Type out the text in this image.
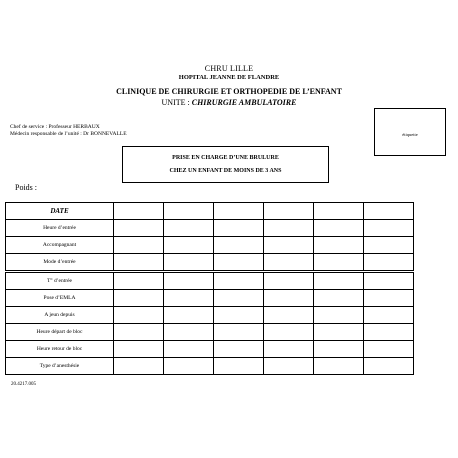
CHRU LILLE
HOPITAL JEANNE DE FLANDRE
CLINIQUE DE CHIRURGIE ET ORTHOPEDIE DE L’ENFANT
UNITE : CHIRURGIE AMBULATOIRE
Chef de service : Professeur HERBAUX
Médecin responsable de l’unité : Dr BONNEVALLE	étiquette
PRISE EN CHARGE D’UNE BRULURE
CHEZ UN ENFANT DE MOINS DE 3 ANS
Poids :
DATE						
Heure d’entrée						
Accompagnant						
Mode d’entrée						
T° d’entrée						
Pose d’EMLA						
A jeun depuis						
Heure départ de bloc						
Heure retour de bloc						
Type d’anesthésie						
20.4217.005
